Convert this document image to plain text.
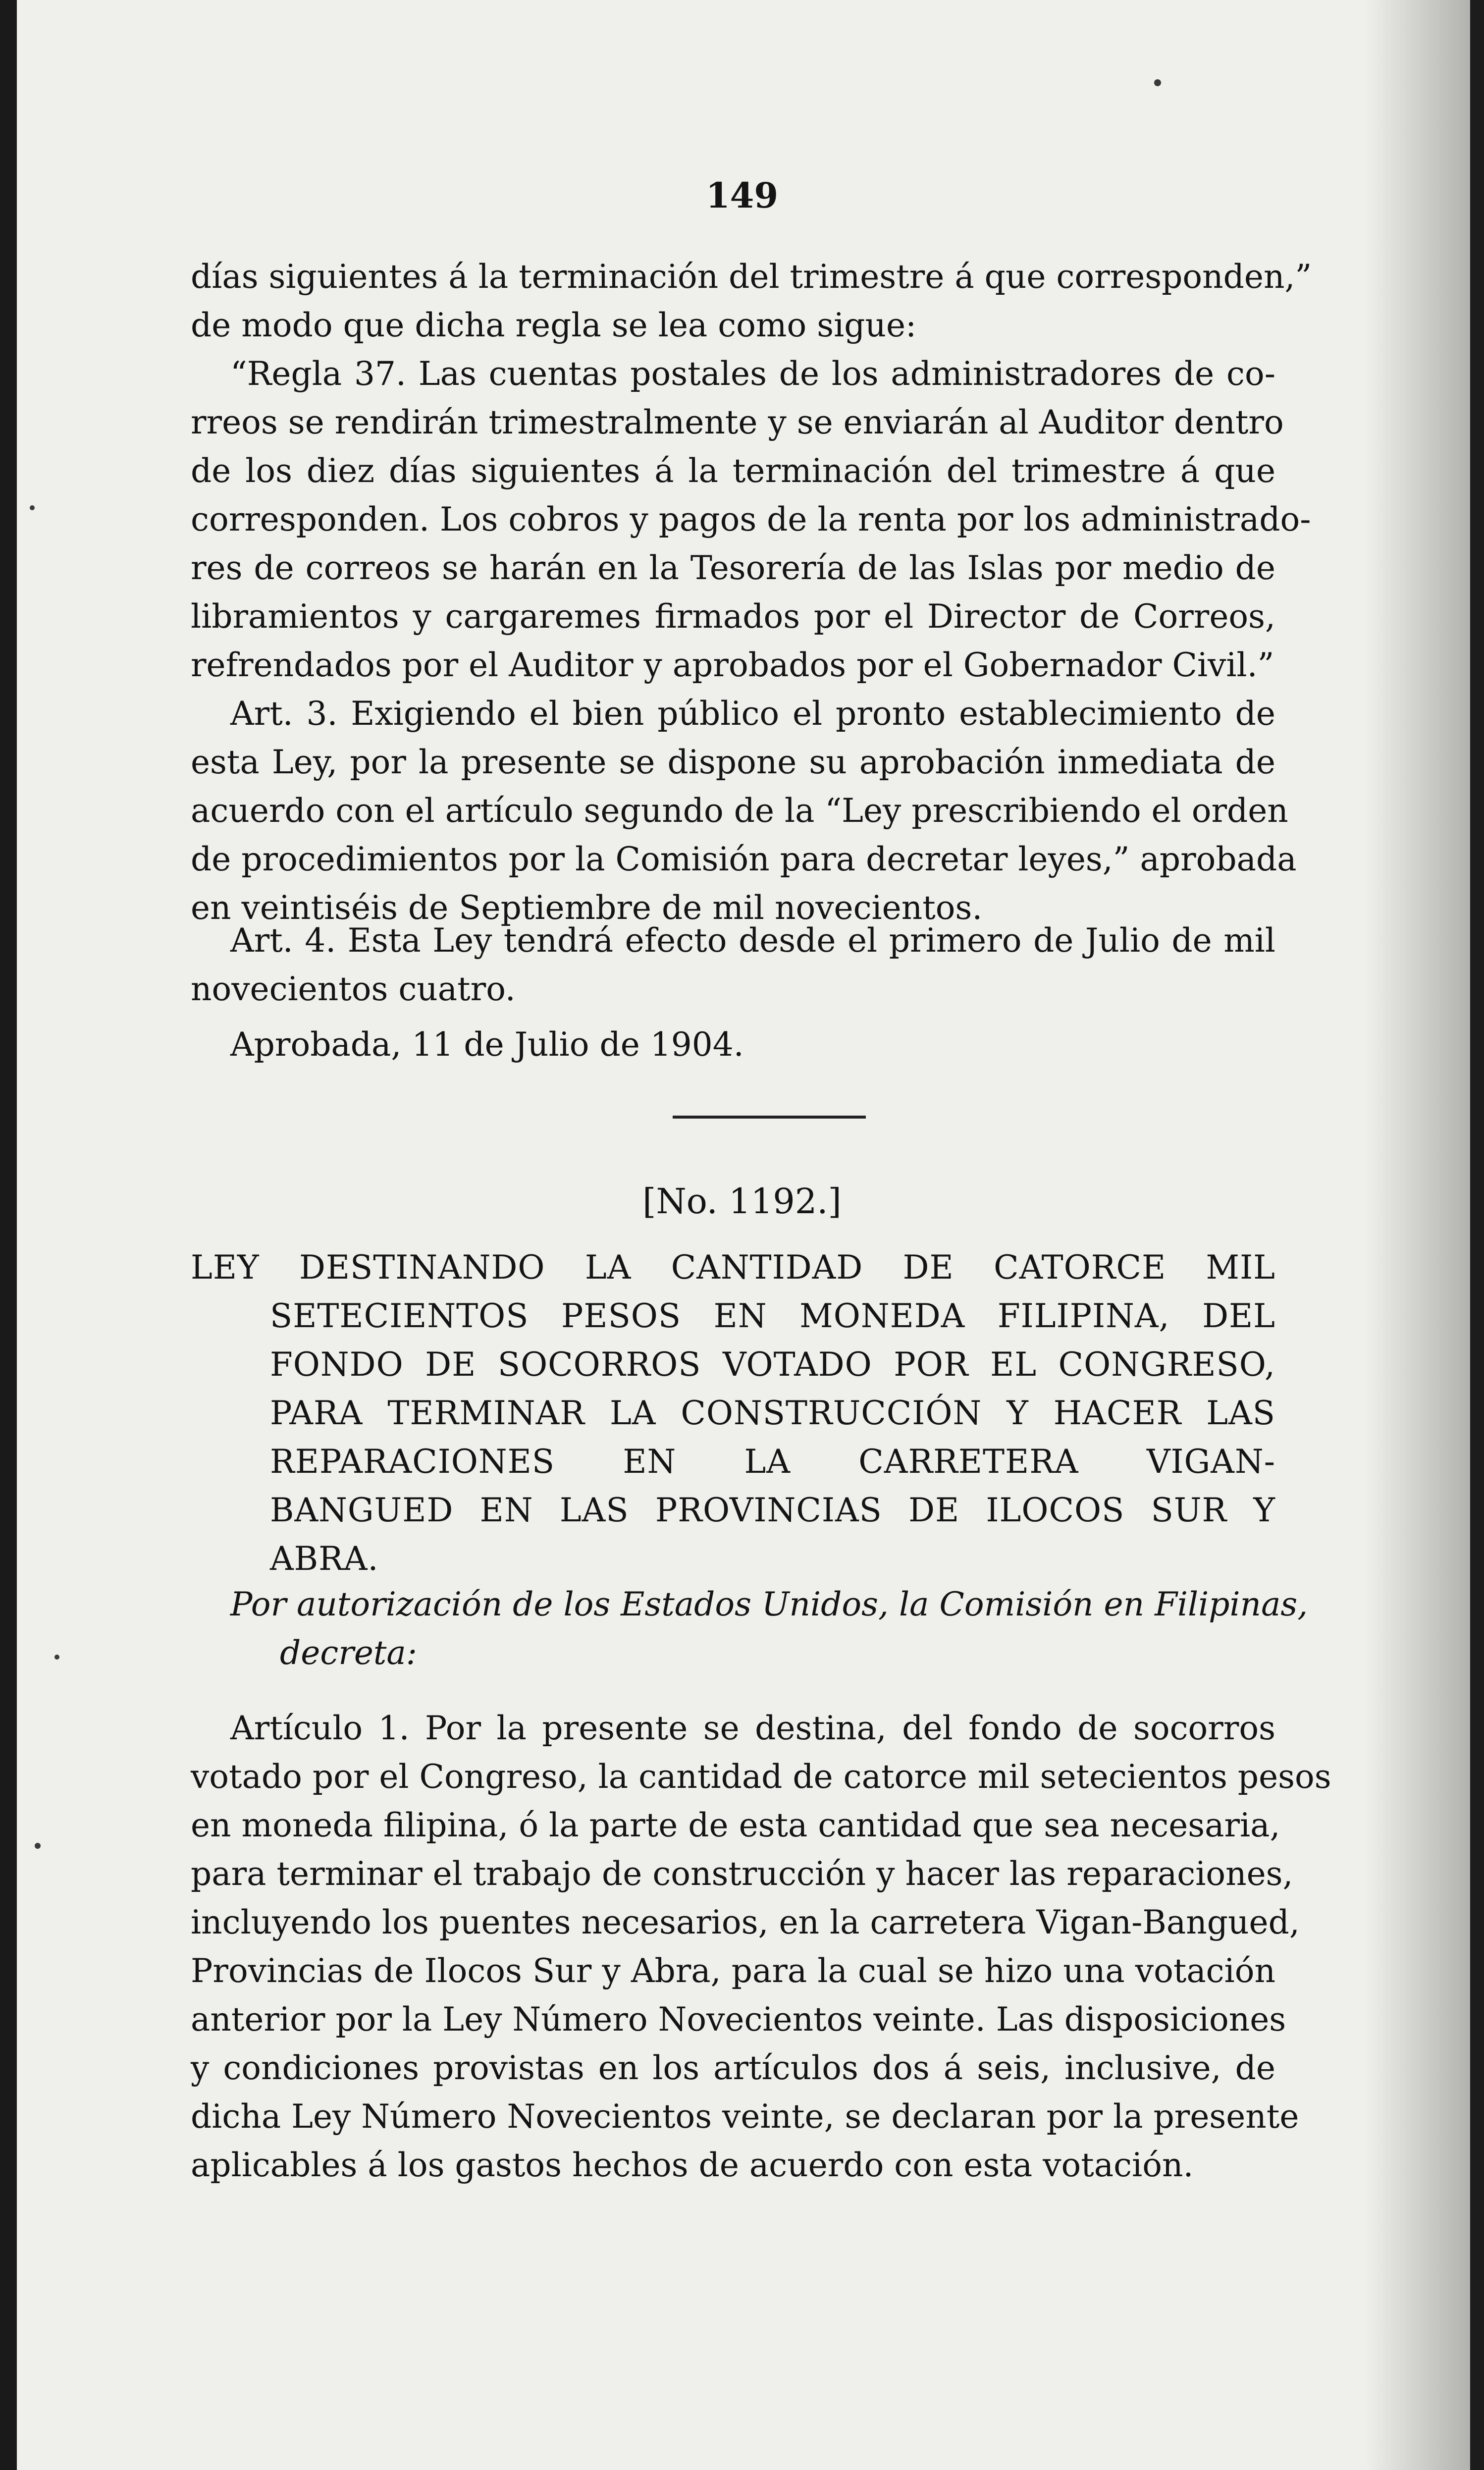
149
días siguientes á la terminación del trimestre á que corresponden,”
de modo que dicha regla se lea como sigue:
“Regla 37. Las cuentas postales de los administradores de co-
rreos se rendirán trimestralmente y se enviarán al Auditor dentro
de los diez días siguientes á la terminación del trimestre á que
corresponden. Los cobros y pagos de la renta por los administrado-
res de correos se harán en la Tesorería de las Islas por medio de
libramientos y cargaremes firmados por el Director de Correos,
refrendados por el Auditor y aprobados por el Gobernador Civil.”
Art. 3. Exigiendo el bien público el pronto establecimiento de
esta Ley, por la presente se dispone su aprobación inmediata de
acuerdo con el artículo segundo de la “Ley prescribiendo el orden
de procedimientos por la Comisión para decretar leyes,” aprobada
en veintiséis de Septiembre de mil novecientos.
Art. 4. Esta Ley tendrá efecto desde el primero de Julio de mil
novecientos cuatro.
Aprobada, 11 de Julio de 1904.
[No. 1192.]
LEY DESTINANDO LA CANTIDAD DE CATORCE MIL
SETECIENTOS PESOS EN MONEDA FILIPINA, DEL
FONDO DE SOCORROS VOTADO POR EL CONGRESO,
PARA TERMINAR LA CONSTRUCCIÓN Y HACER LAS
REPARACIONES EN LA CARRETERA VIGAN-
BANGUED EN LAS PROVINCIAS DE ILOCOS SUR Y
ABRA.
Por autorización de los Estados Unidos, la Comisión en Filipinas,
decreta:
Artículo 1. Por la presente se destina, del fondo de socorros
votado por el Congreso, la cantidad de catorce mil setecientos pesos
en moneda filipina, ó la parte de esta cantidad que sea necesaria,
para terminar el trabajo de construcción y hacer las reparaciones,
incluyendo los puentes necesarios, en la carretera Vigan-Bangued,
Provincias de Ilocos Sur y Abra, para la cual se hizo una votación
anterior por la Ley Número Novecientos veinte. Las disposiciones
y condiciones provistas en los artículos dos á seis, inclusive, de
dicha Ley Número Novecientos veinte, se declaran por la presente
aplicables á los gastos hechos de acuerdo con esta votación.
